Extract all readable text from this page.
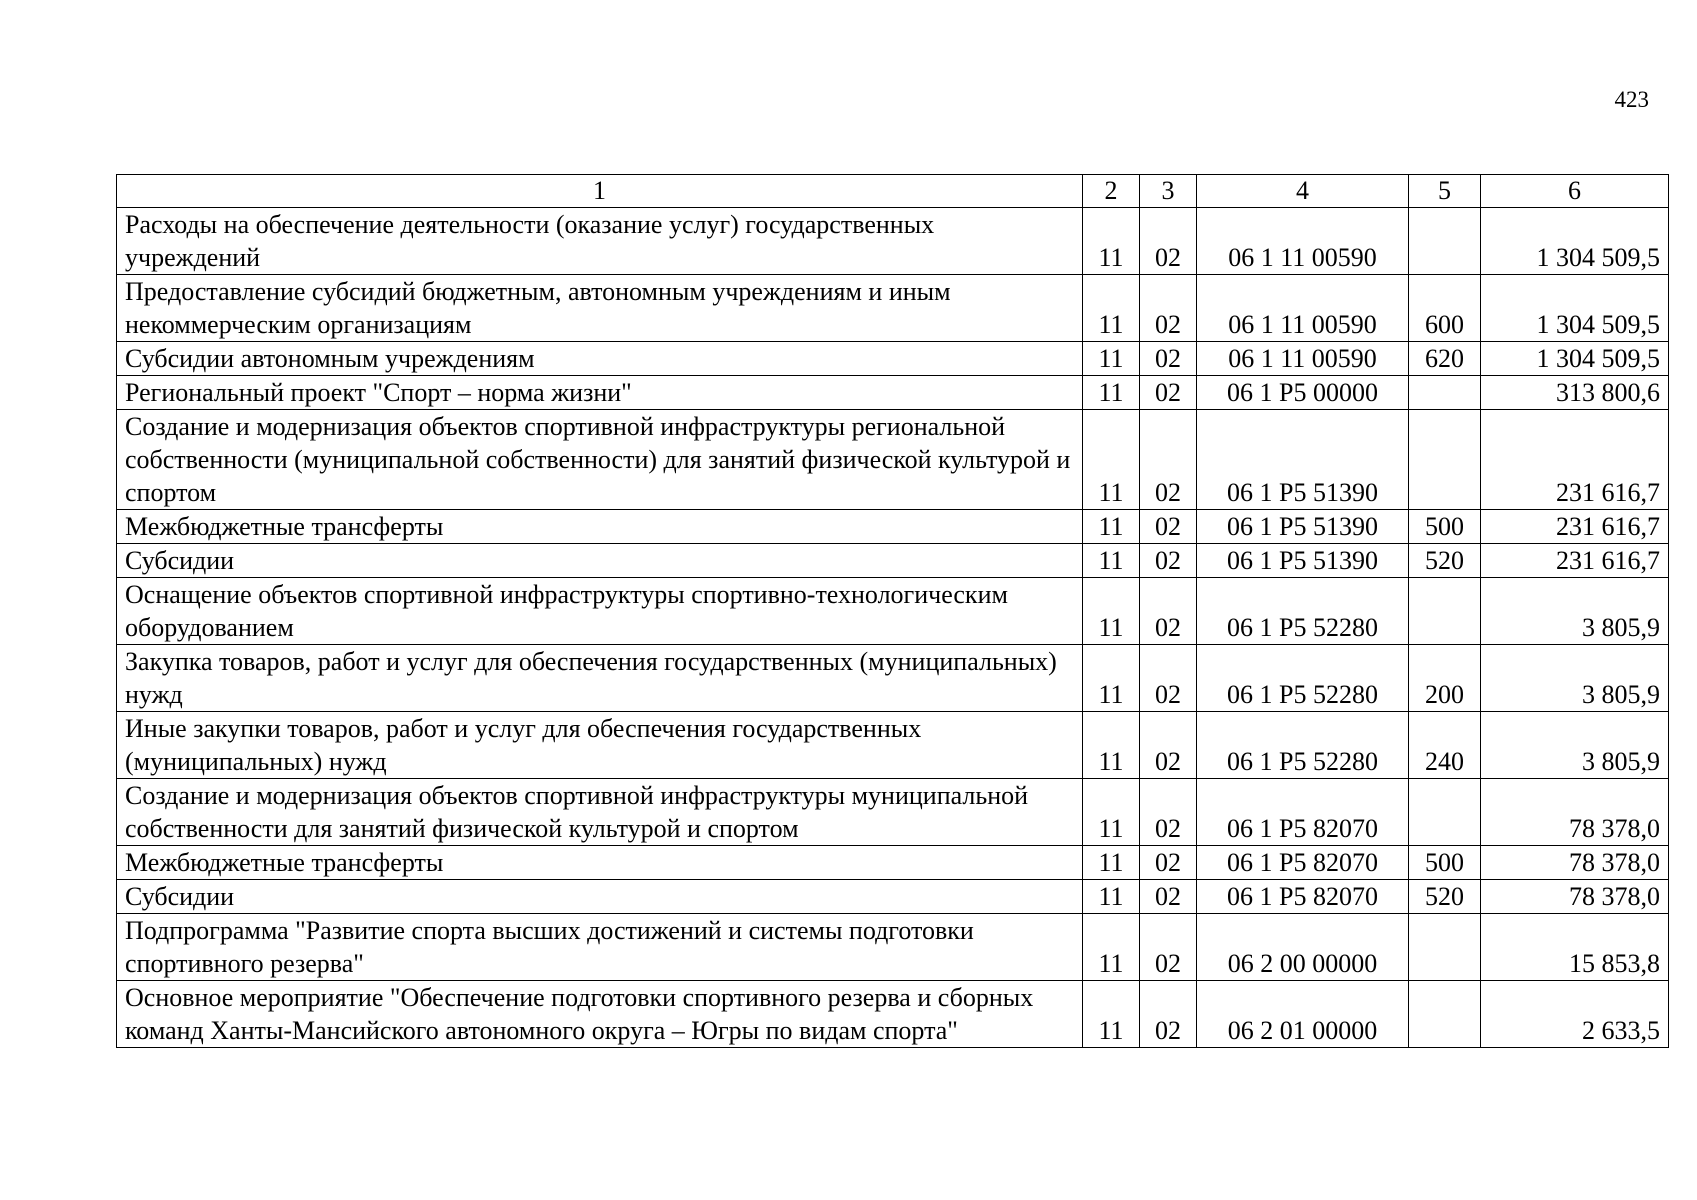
423
1	2	3	4	5	6
Расходы на обеспечение деятельности (оказание услуг) государственных учреждений	11	02	06 1 11 00590		1 304 509,5
Предоставление субсидий бюджетным, автономным учреждениям и иным некоммерческим организациям	11	02	06 1 11 00590	600	1 304 509,5
Субсидии автономным учреждениям	11	02	06 1 11 00590	620	1 304 509,5
Региональный проект "Спорт – норма жизни"	11	02	06 1 P5 00000		313 800,6
Создание и модернизация объектов спортивной инфраструктуры региональной собственности (муниципальной собственности) для занятий физической культурой и спортом	11	02	06 1 P5 51390		231 616,7
Межбюджетные трансферты	11	02	06 1 P5 51390	500	231 616,7
Субсидии	11	02	06 1 P5 51390	520	231 616,7
Оснащение объектов спортивной инфраструктуры спортивно-технологическим оборудованием	11	02	06 1 P5 52280		3 805,9
Закупка товаров, работ и услуг для обеспечения государственных (муниципальных) нужд	11	02	06 1 P5 52280	200	3 805,9
Иные закупки товаров, работ и услуг для обеспечения государственных (муниципальных) нужд	11	02	06 1 P5 52280	240	3 805,9
Создание и модернизация объектов спортивной инфраструктуры муниципальной собственности для занятий физической культурой и спортом	11	02	06 1 P5 82070		78 378,0
Межбюджетные трансферты	11	02	06 1 P5 82070	500	78 378,0
Субсидии	11	02	06 1 P5 82070	520	78 378,0
Подпрограмма "Развитие спорта высших достижений и системы подготовки спортивного резерва"	11	02	06 2 00 00000		15 853,8
Основное мероприятие "Обеспечение подготовки спортивного резерва и сборных команд Ханты-Мансийского автономного округа – Югры по видам спорта"	11	02	06 2 01 00000		2 633,5
